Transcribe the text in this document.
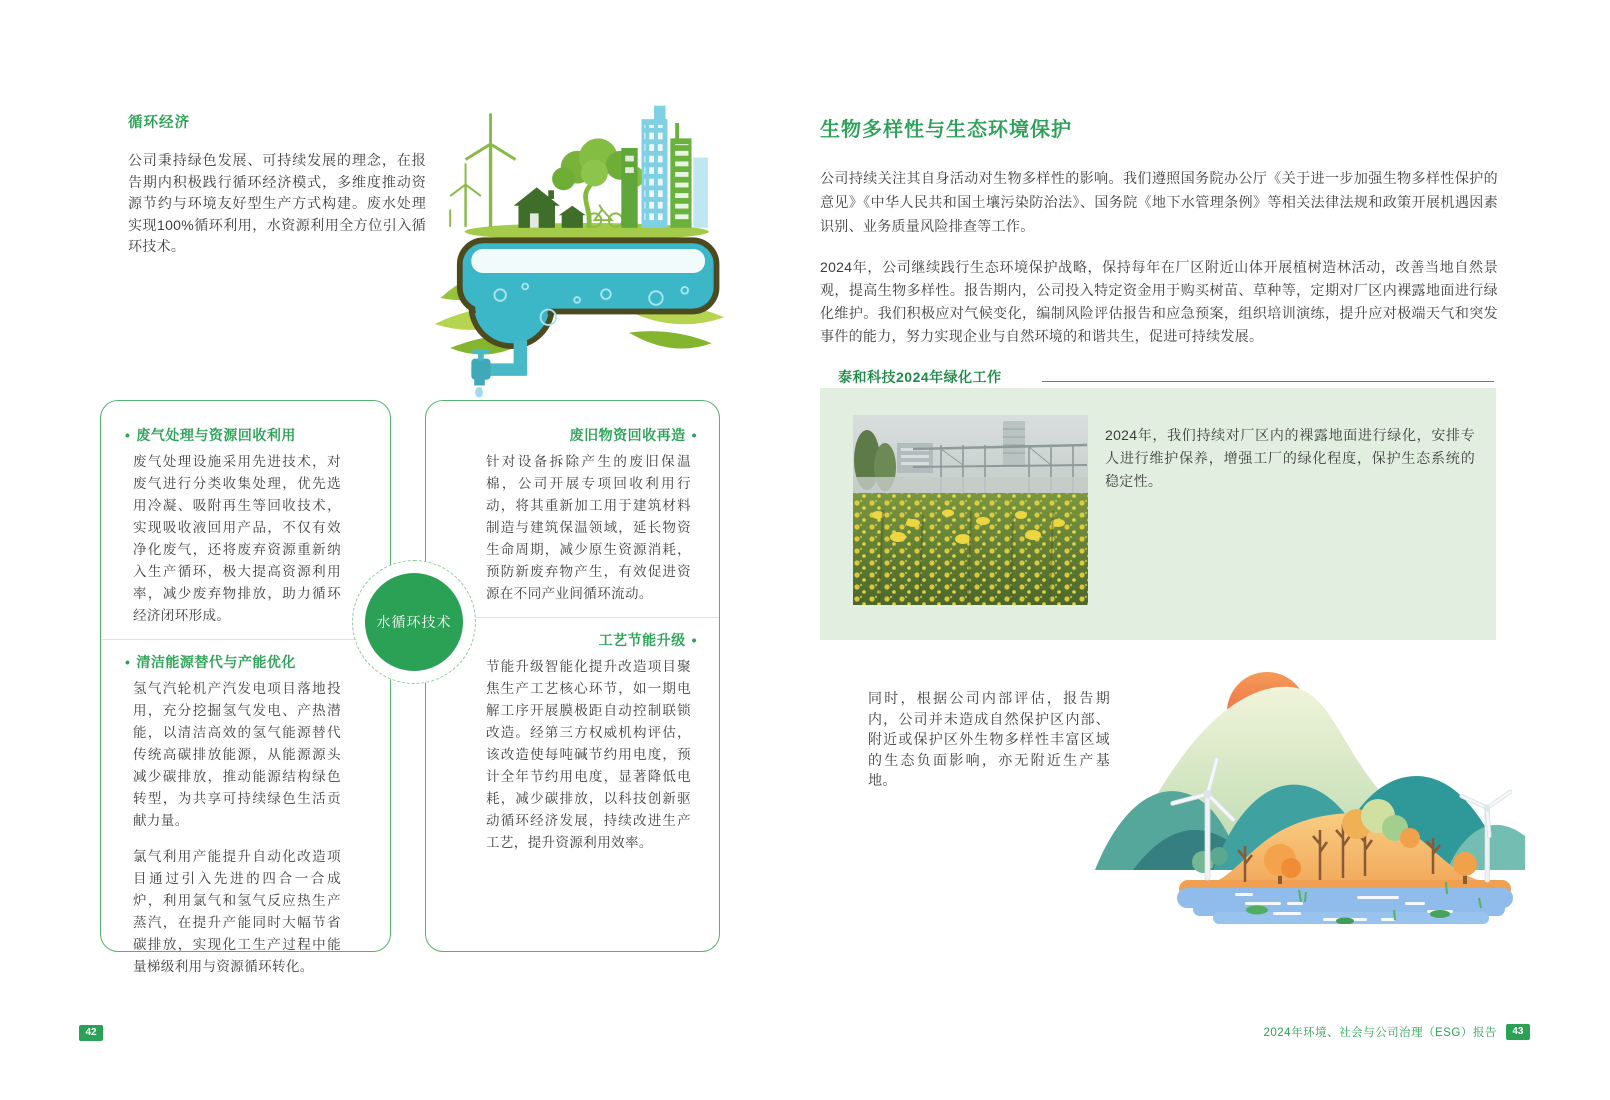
循环经济

公司秉持绿色发展、可持续发展的理念，在报告期内积极践行循环经济模式，多维度推动资源节约与环境友好型生产方式构建。废水处理实现100%循环利用，水资源利用全方位引入循环技术。

• 废气处理与资源回收利用

废气处理设施采用先进技术，对废气进行分类收集处理，优先选用冷凝、吸附再生等回收技术，实现吸收液回用产品，不仅有效净化废气，还将废弃资源重新纳入生产循环，极大提高资源利用率，减少废弃物排放，助力循环经济闭环形成。

• 清洁能源替代与产能优化

氢气汽轮机产汽发电项目落地投用，充分挖掘氢气发电、产热潜能，以清洁高效的氢气能源替代传统高碳排放能源，从能源源头减少碳排放，推动能源结构绿色转型，为共享可持续绿色生活贡献力量。

氯气利用产能提升自动化改造项目通过引入先进的四合一合成炉，利用氯气和氢气反应热生产蒸汽，在提升产能同时大幅节省碳排放，实现化工生产过程中能量梯级利用与资源循环转化。

废旧物资回收再造 •

针对设备拆除产生的废旧保温棉，公司开展专项回收利用行动，将其重新加工用于建筑材料制造与建筑保温领域，延长物资生命周期，减少原生资源消耗，预防新废弃物产生，有效促进资源在不同产业间循环流动。

工艺节能升级 •

节能升级智能化提升改造项目聚焦生产工艺核心环节，如一期电解工序开展膜极距自动控制联锁改造。经第三方权威机构评估，该改造使每吨碱节约用电度，预计全年节约用电度，显著降低电耗，减少碳排放，以科技创新驱动循环经济发展，持续改进生产工艺，提升资源利用效率。

水循环技术
生物多样性与生态环境保护

公司持续关注其自身活动对生物多样性的影响。我们遵照国务院办公厅《关于进一步加强生物多样性保护的意见》《中华人民共和国土壤污染防治法》、国务院《地下水管理条例》等相关法律法规和政策开展机遇因素识别、业务质量风险排查等工作。

2024年，公司继续践行生态环境保护战略，保持每年在厂区附近山体开展植树造林活动，改善当地自然景观，提高生物多样性。报告期内，公司投入特定资金用于购买树苗、草种等，定期对厂区内裸露地面进行绿化维护。我们积极应对气候变化，编制风险评估报告和应急预案，组织培训演练，提升应对极端天气和突发事件的能力，努力实现企业与自然环境的和谐共生，促进可持续发展。

泰和科技2024年绿化工作

2024年，我们持续对厂区内的裸露地面进行绿化，安排专人进行维护保养，增强工厂的绿化程度，保护生态系统的稳定性。

同时，根据公司内部评估，报告期内，公司并未造成自然保护区内部、附近或保护区外生物多样性丰富区域的生态负面影响，亦无附近生产基地。

42	2024年环境、社会与公司治理（ESG）报告	43
